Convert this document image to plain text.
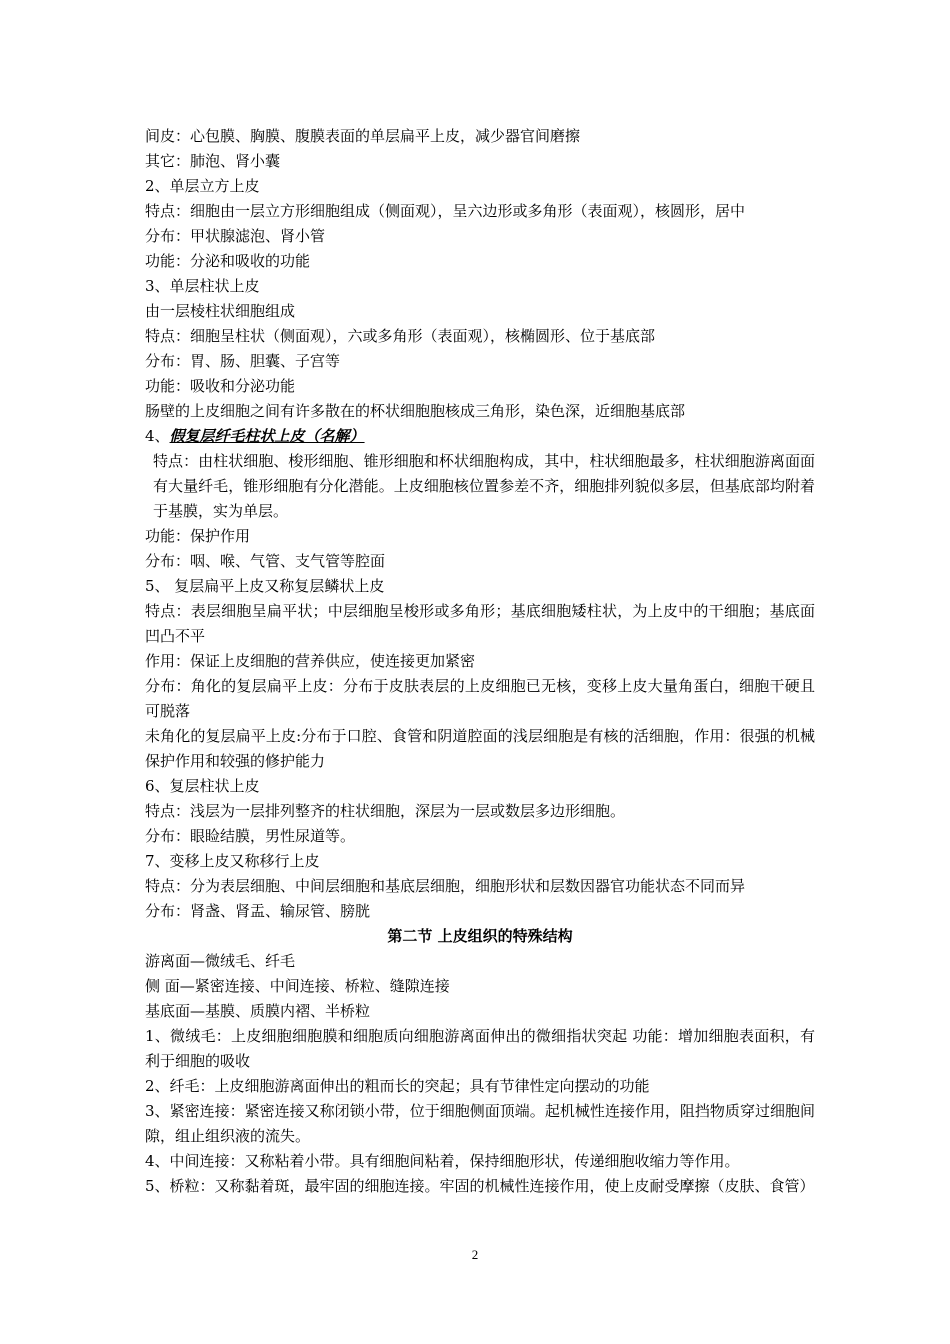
间皮：心包膜、胸膜、腹膜表面的单层扁平上皮，减少器官间磨擦
其它：肺泡、肾小囊
2、单层立方上皮
特点：细胞由一层立方形细胞组成（侧面观），呈六边形或多角形（表面观），核圆形，居中
分布：甲状腺滤泡、肾小管
功能：分泌和吸收的功能
3、单层柱状上皮
由一层棱柱状细胞组成
特点：细胞呈柱状（侧面观），六或多角形（表面观），核椭圆形、位于基底部
分布：胃、肠、胆囊、子宫等
功能：吸收和分泌功能
肠壁的上皮细胞之间有许多散在的杯状细胞胞核成三角形，染色深，近细胞基底部
4、假复层纤毛柱状上皮（名解）
特点：由柱状细胞、梭形细胞、锥形细胞和杯状细胞构成，其中，柱状细胞最多，柱状细胞游离面面有大量纤毛，锥形细胞有分化潜能。上皮细胞核位置参差不齐，细胞排列貌似多层，但基底部均附着于基膜，实为单层。
功能：保护作用
分布：咽、喉、气管、支气管等腔面
5、 复层扁平上皮又称复层鳞状上皮
特点：表层细胞呈扁平状；中层细胞呈梭形或多角形；基底细胞矮柱状，为上皮中的干细胞；基底面凹凸不平
作用：保证上皮细胞的营养供应，使连接更加紧密
分布：角化的复层扁平上皮：分布于皮肤表层的上皮细胞已无核，变移上皮大量角蛋白，细胞干硬且可脱落
未角化的复层扁平上皮:分布于口腔、食管和阴道腔面的浅层细胞是有核的活细胞，作用：很强的机械保护作用和较强的修护能力
6、复层柱状上皮
特点：浅层为一层排列整齐的柱状细胞，深层为一层或数层多边形细胞。
分布：眼睑结膜，男性尿道等。
7、变移上皮又称移行上皮
特点：分为表层细胞、中间层细胞和基底层细胞，细胞形状和层数因器官功能状态不同而异
分布：肾盏、肾盂、输尿管、膀胱
第二节 上皮组织的特殊结构
游离面—微绒毛、纤毛
侧 面—紧密连接、中间连接、桥粒、缝隙连接
基底面—基膜、质膜内褶、半桥粒
1、微绒毛：上皮细胞细胞膜和细胞质向细胞游离面伸出的微细指状突起 功能：增加细胞表面积，有利于细胞的吸收
2、纤毛：上皮细胞游离面伸出的粗而长的突起；具有节律性定向摆动的功能
3、紧密连接：紧密连接又称闭锁小带，位于细胞侧面顶端。起机械性连接作用，阻挡物质穿过细胞间隙，组止组织液的流失。
4、中间连接：又称粘着小带。具有细胞间粘着，保持细胞形状，传递细胞收缩力等作用。
5、桥粒：又称黏着斑，最牢固的细胞连接。牢固的机械性连接作用，使上皮耐受摩擦（皮肤、食管）
2
